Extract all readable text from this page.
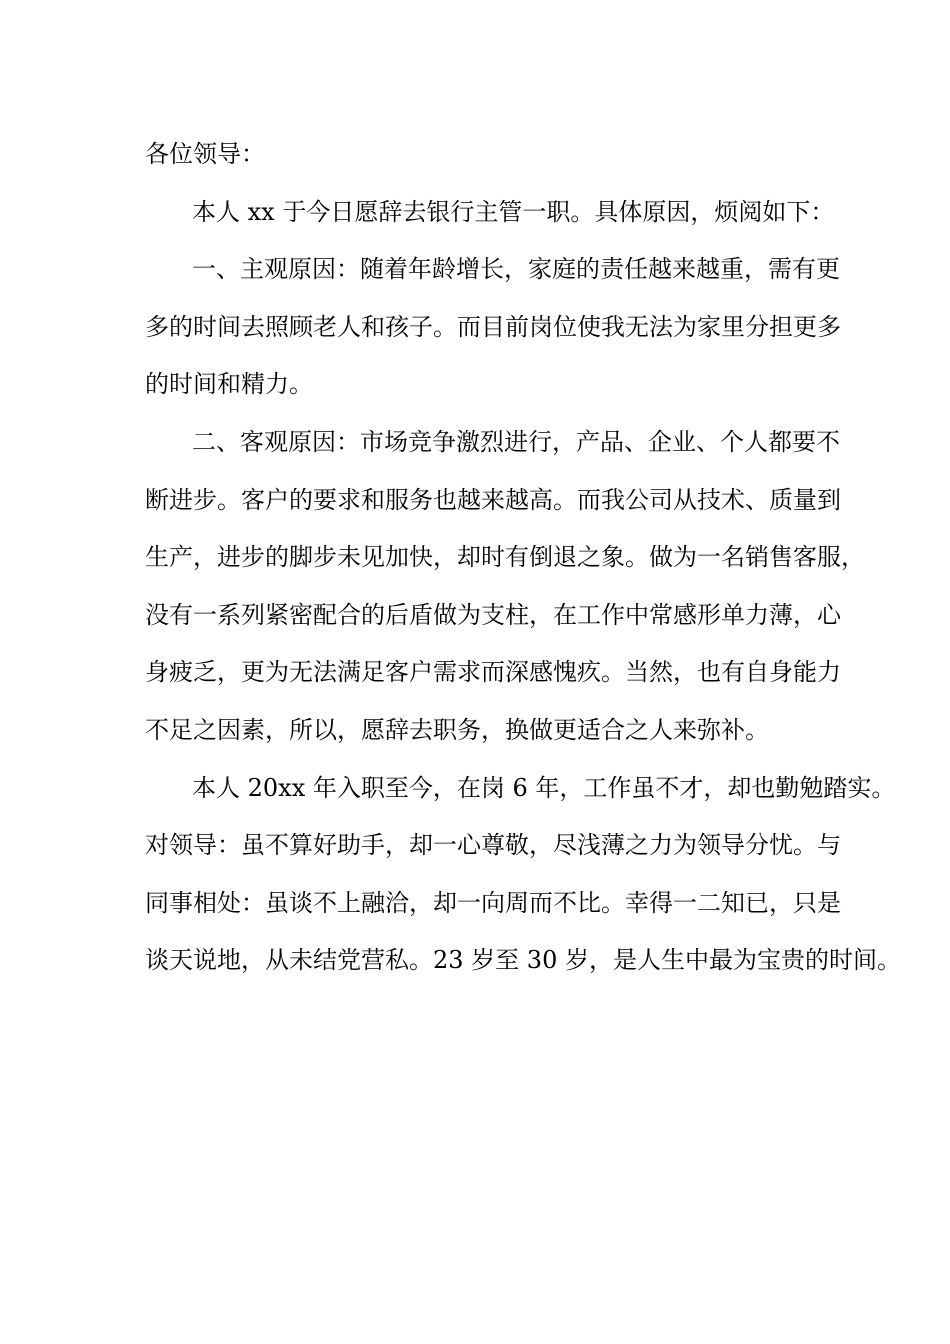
各位领导：
本人 xx 于今日愿辞去银行主管一职。具体原因，烦阅如下：
一、主观原因：随着年龄增长，家庭的责任越来越重，需有更
多的时间去照顾老人和孩子。而目前岗位使我无法为家里分担更多
的时间和精力。
二、客观原因：市场竞争激烈进行，产品、企业、个人都要不
断进步。客户的要求和服务也越来越高。而我公司从技术、质量到
生产，进步的脚步未见加快，却时有倒退之象。做为一名销售客服，
没有一系列紧密配合的后盾做为支柱，在工作中常感形单力薄，心
身疲乏，更为无法满足客户需求而深感愧疚。当然，也有自身能力
不足之因素，所以，愿辞去职务，换做更适合之人来弥补。
本人 20xx 年入职至今，在岗 6 年，工作虽不才，却也勤勉踏实。
对领导：虽不算好助手，却一心尊敬，尽浅薄之力为领导分忧。与
同事相处：虽谈不上融洽，却一向周而不比。幸得一二知已，只是
谈天说地，从未结党营私。23 岁至 30 岁，是人生中最为宝贵的时间。
